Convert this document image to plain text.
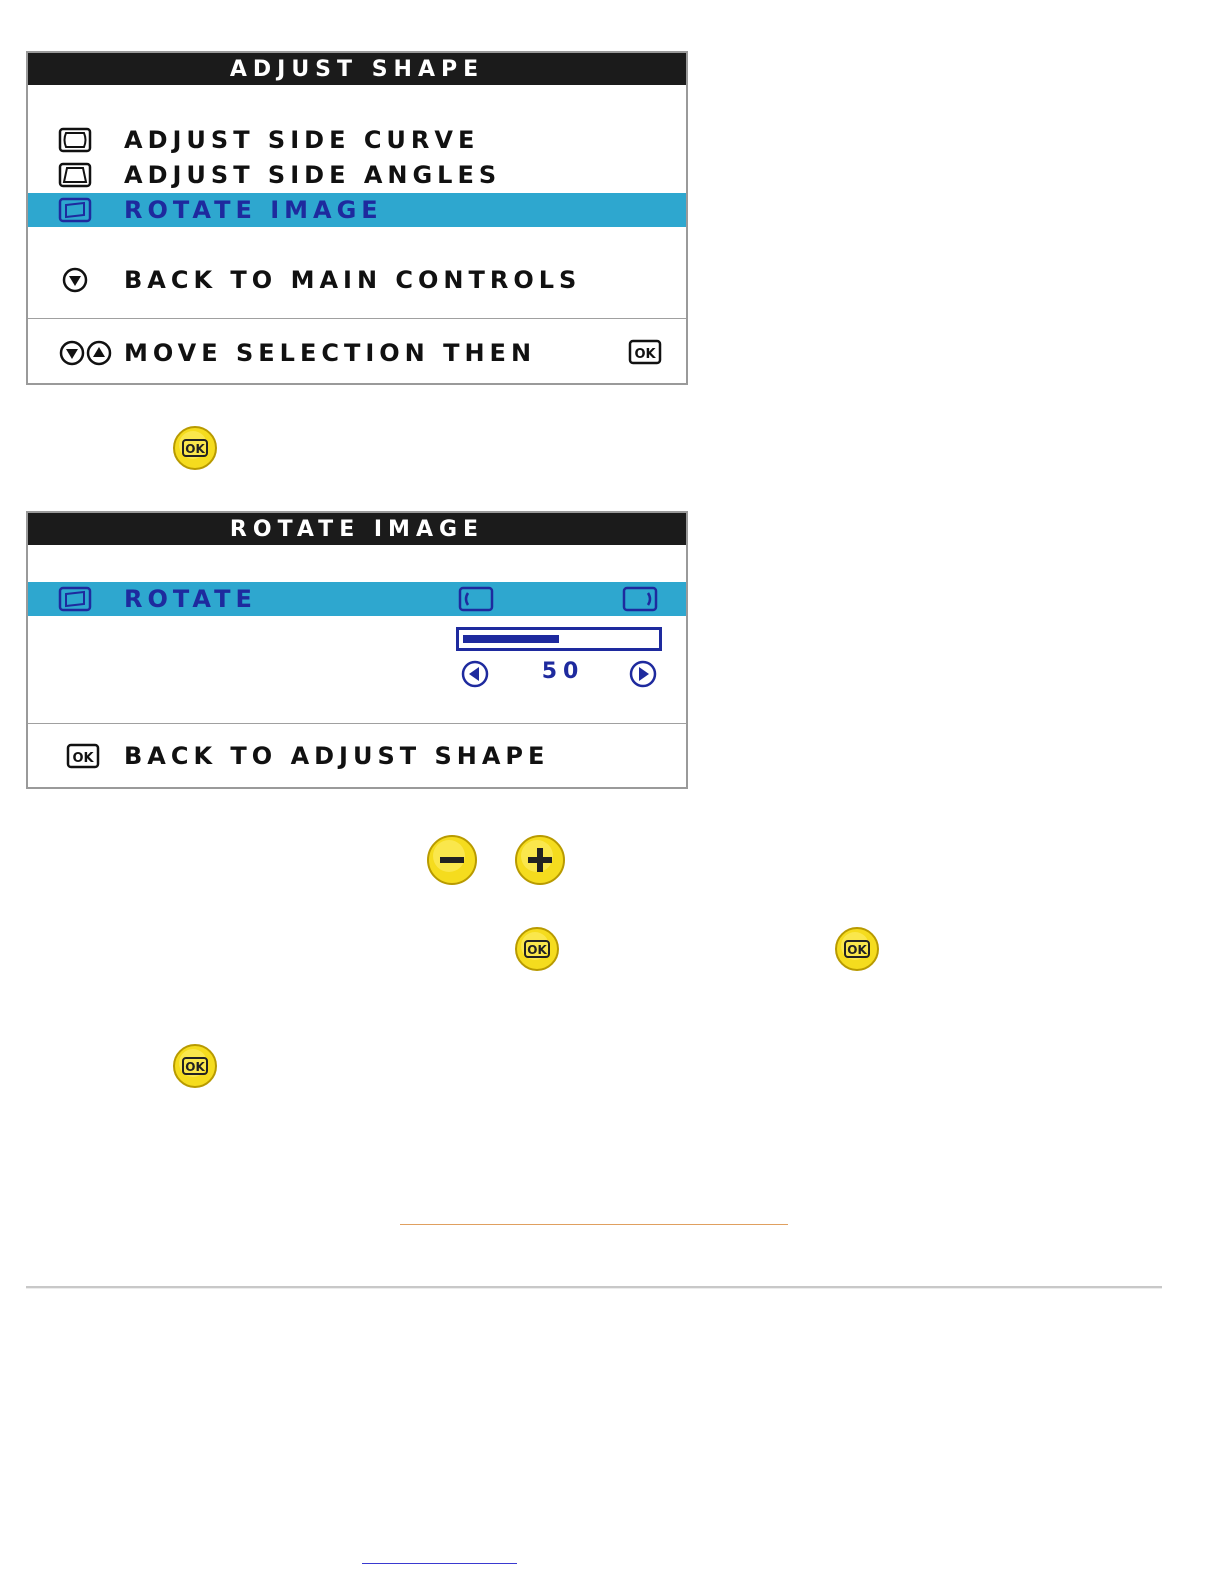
ADJUST SHAPE
ADJUST SIDE CURVE
ADJUST SIDE ANGLES
ROTATE IMAGE
BACK TO MAIN CONTROLS
MOVE SELECTION THEN	OK
OK
ROTATE IMAGE
ROTATE
50
OK BACK TO ADJUST SHAPE
OK	OK
OK
